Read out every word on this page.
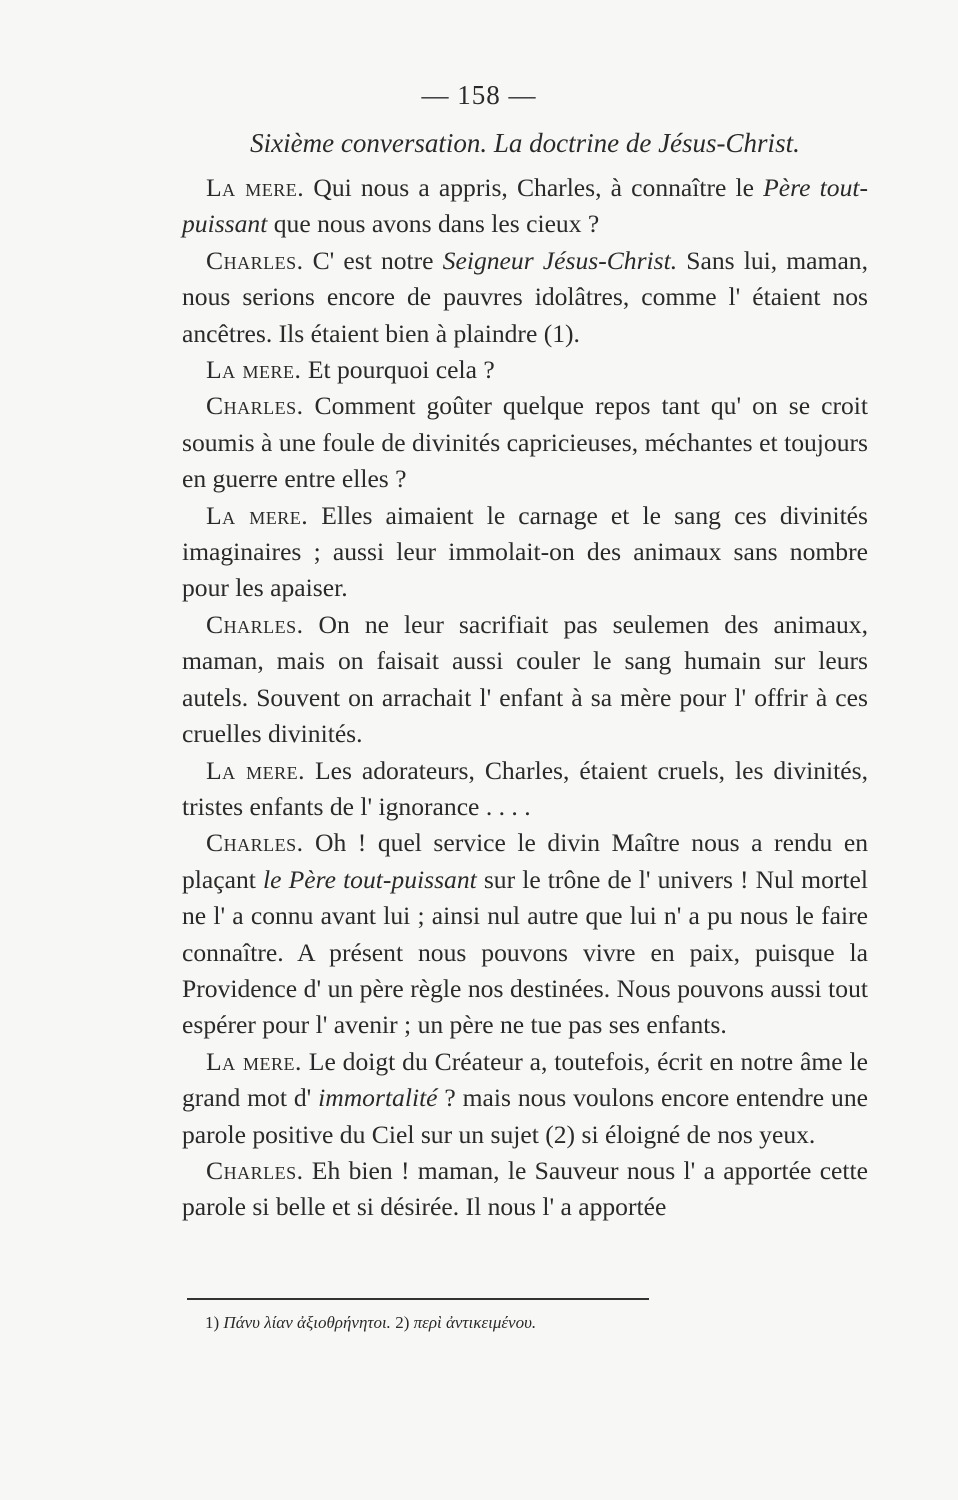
— 158 —
Sixième conversation. La doctrine de Jésus-Christ.

La mere. Qui nous a appris, Charles, à connaître le Père tout-puissant que nous avons dans les cieux ?

Charles. C' est notre Seigneur Jésus-Christ. Sans lui, maman, nous serions encore de pauvres idolâtres, comme l' étaient nos ancêtres. Ils étaient bien à plaindre (1).

La mere. Et pourquoi cela ?

Charles. Comment goûter quelque repos tant qu' on se croit soumis à une foule de divinités capricieuses, méchantes et toujours en guerre entre elles ?

La mere. Elles aimaient le carnage et le sang ces divinités imaginaires ; aussi leur immolait-on des animaux sans nombre pour les apaiser.

Charles. On ne leur sacrifiait pas seulemen des animaux, maman, mais on faisait aussi couler le sang humain sur leurs autels. Souvent on arrachait l' enfant à sa mère pour l' offrir à ces cruelles divinités.

La mere. Les adorateurs, Charles, étaient cruels, les divinités, tristes enfants de l' ignorance . . . .

Charles. Oh ! quel service le divin Maître nous a rendu en plaçant le Père tout-puissant sur le trône de l' univers ! Nul mortel ne l' a connu avant lui ; ainsi nul autre que lui n' a pu nous le faire connaître. A présent nous pouvons vivre en paix, puisque la Providence d' un père règle nos destinées. Nous pouvons aussi tout espérer pour l' avenir ; un père ne tue pas ses enfants.

La mere. Le doigt du Créateur a, toutefois, écrit en notre âme le grand mot d' immortalité ? mais nous voulons encore entendre une parole positive du Ciel sur un sujet (2) si éloigné de nos yeux.

Charles. Eh bien ! maman, le Sauveur nous l' a apportée cette parole si belle et si désirée. Il nous l' a apportée

1) Πάνυ λίαν ἀξιοθρήνητοι. 2) περὶ ἀντικειμένου.
